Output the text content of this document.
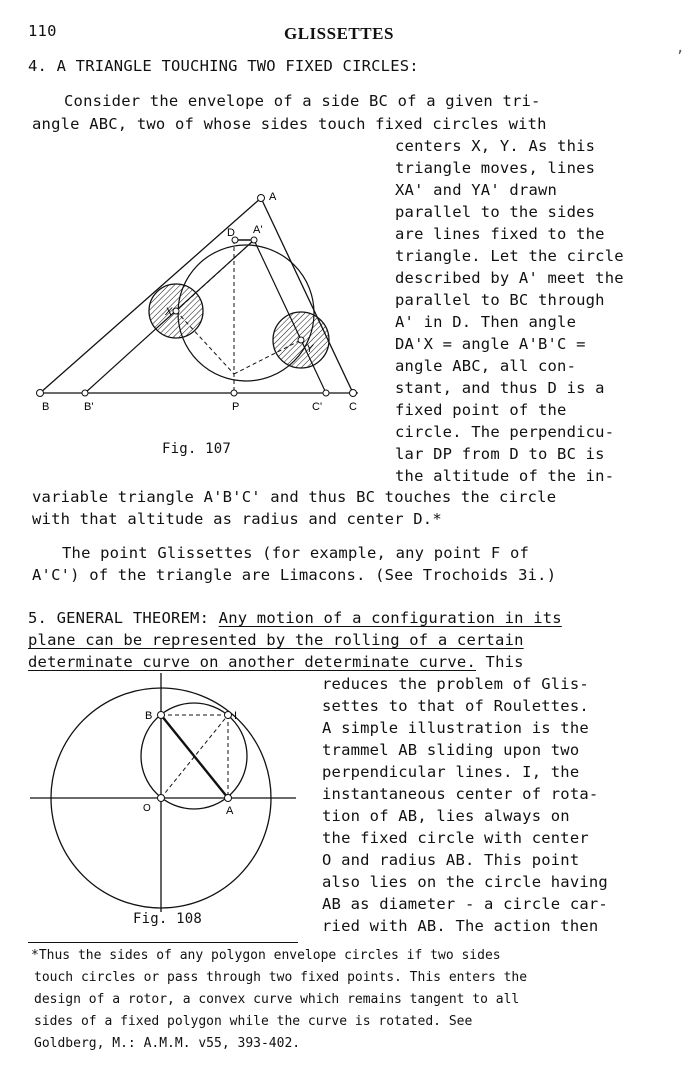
110	GLISSETTES
,
4. A TRIANGLE TOUCHING TWO FIXED CIRCLES:
Consider the envelope of a side BC of a given tri-
angle ABC, two of whose sides touch fixed circles with
centers X, Y. As this
triangle moves, lines
XA' and YA' drawn
parallel to the sides
are lines fixed to the
triangle. Let the circle
described by A' meet the
parallel to BC through
A' in D. Then angle
DA'X = angle A'B'C =
angle ABC, all con-
stant, and thus D is a
fixed point of the
circle. The perpendicu-
lar DP from D to BC is
the altitude of the in-
variable triangle A'B'C' and thus BC touches the circle
with that altitude as radius and center D.*
The point Glissettes (for example, any point F of
A'C') of the triangle are Limacons. (See Trochoids 3i.)
A
A'
D
X
Y
B	B'	P	C' C
Fig. 107
5. GENERAL THEOREM: Any motion of a configuration in its
plane can be represented by the rolling of a certain
determinate curve on another determinate curve. This
reduces the problem of Glis-
settes to that of Roulettes.
A simple illustration is the
trammel AB sliding upon two
perpendicular lines. I, the
instantaneous center of rota-
tion of AB, lies always on
the fixed circle with center
O and radius AB. This point
also lies on the circle having
AB as diameter - a circle car-
ried with AB. The action then
B	I
O	A
Fig. 108
*Thus the sides of any polygon envelope circles if two sides
touch circles or pass through two fixed points. This enters the
design of a rotor, a convex curve which remains tangent to all
sides of a fixed polygon while the curve is rotated. See
Goldberg, M.: A.M.M. v55, 393-402.
